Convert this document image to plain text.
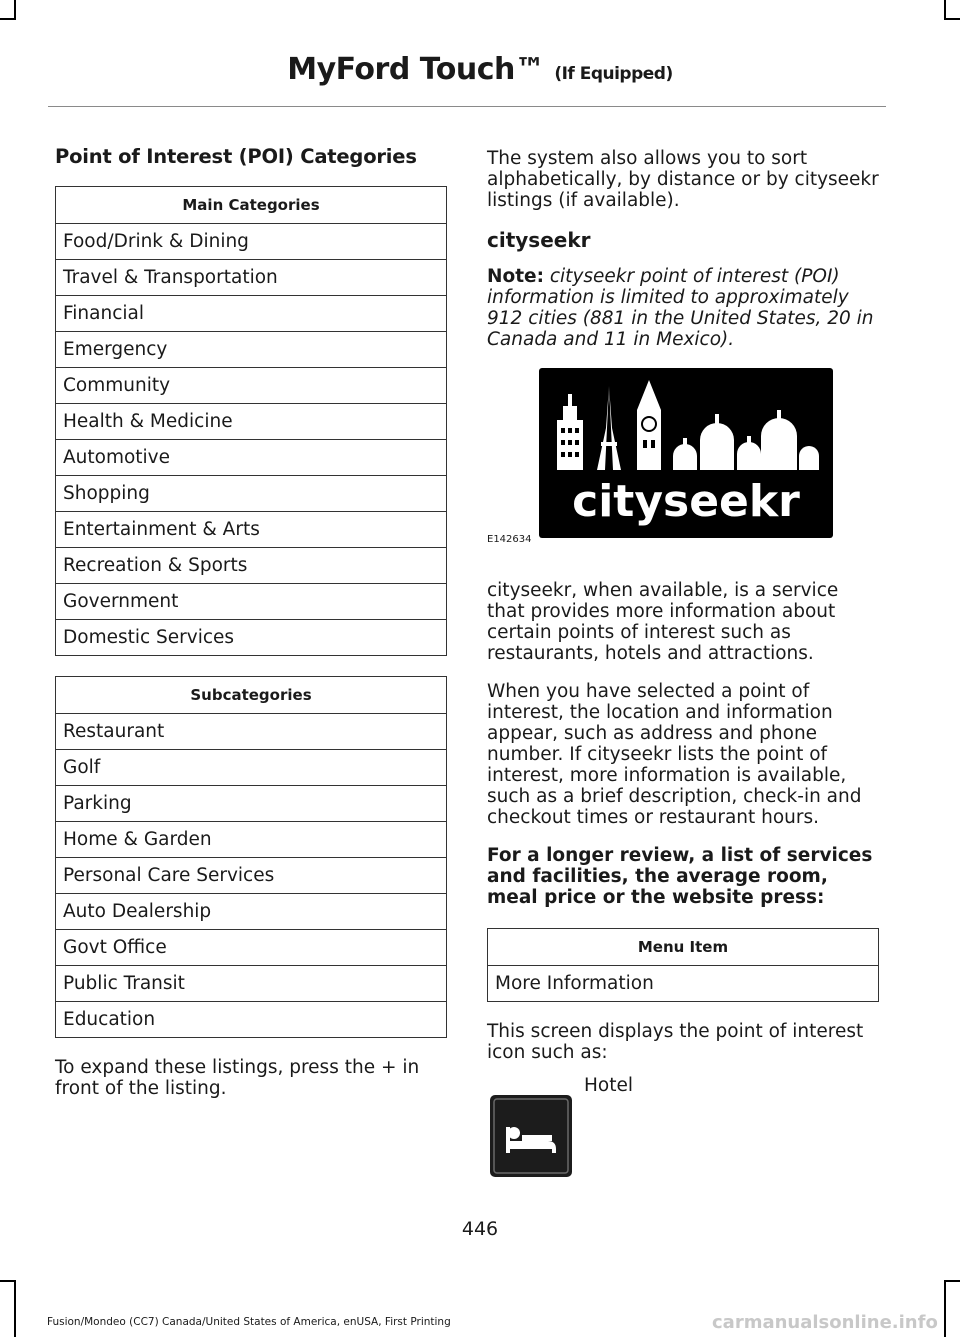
MyFord Touch™ (If Equipped)
Point of Interest (POI) Categories
Main Categories
Food/Drink & Dining
Travel & Transportation
Financial
Emergency
Community
Health & Medicine
Automotive
Shopping
Entertainment & Arts
Recreation & Sports
Government
Domestic Services
Subcategories
Restaurant
Golf
Parking
Home & Garden
Personal Care Services
Auto Dealership
Govt Office
Public Transit
Education

To expand these listings, press the + in front of the listing.

The system also allows you to sort alphabetically, by distance or by cityseekr listings (if available).

cityseekr

Note: cityseekr point of interest (POI) information is limited to approximately 912 cities (881 in the United States, 20 in Canada and 11 in Mexico).

cityseekr
E142634

cityseekr, when available, is a service that provides more information about certain points of interest such as restaurants, hotels and attractions.

When you have selected a point of interest, the location and information appear, such as address and phone number. If cityseekr lists the point of interest, more information is available, such as a brief description, check-in and checkout times or restaurant hours.

For a longer review, a list of services and facilities, the average room, meal price or the website press:

Menu Item
More Information

This screen displays the point of interest icon such as:

Hotel
446
Fusion/Mondeo (CC7) Canada/United States of America, enUSA, First Printing	carmanualsonline.info
